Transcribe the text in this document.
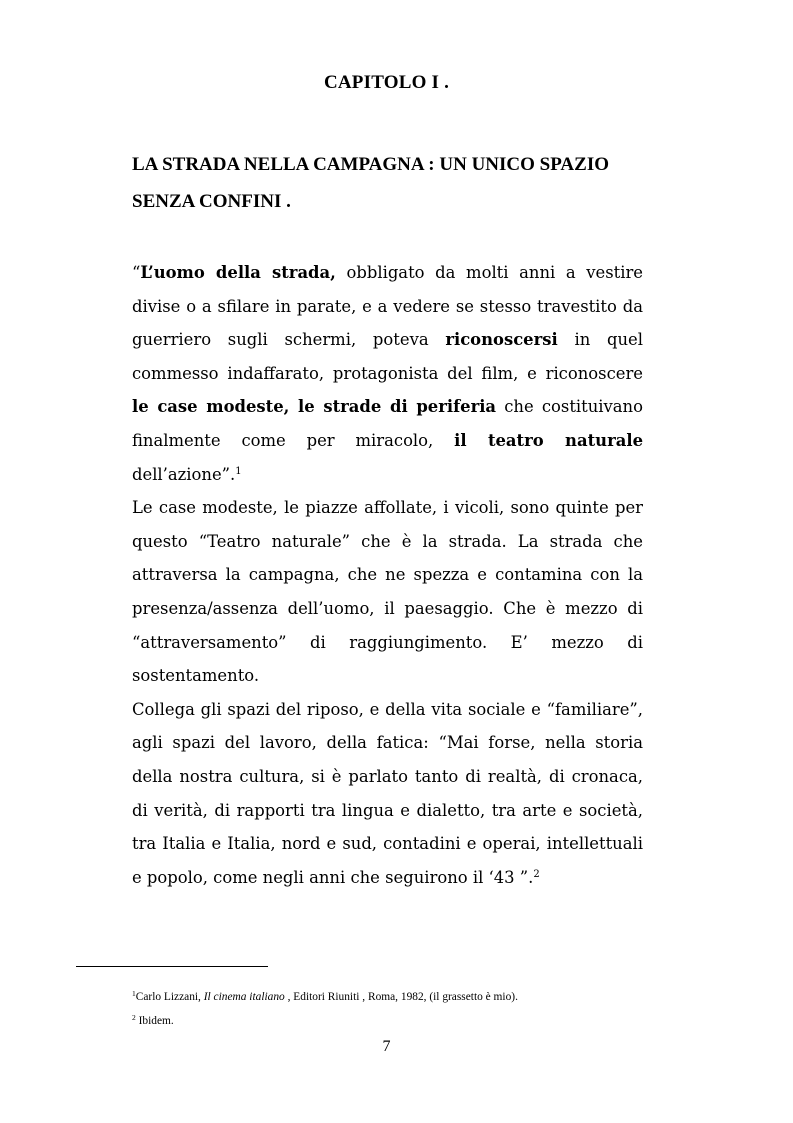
CAPITOLO I .
LA STRADA NELLA CAMPAGNA : UN UNICO SPAZIO SENZA CONFINI .

“L’uomo della strada, obbligato da molti anni a vestire divise o a sfilare in parate, e a vedere se stesso travestito da guerriero sugli schermi, poteva riconoscersi in quel commesso indaffarato, protagonista del film, e riconoscere le case modeste, le strade di periferia che costituivano finalmente come per miracolo, il teatro naturale dell’azione”.$^1$

Le case modeste, le piazze affollate, i vicoli, sono quinte per questo “Teatro naturale” che è la strada. La strada che attraversa la campagna, che ne spezza e contamina con la presenza/assenza dell’uomo, il paesaggio. Che è mezzo di “attraversamento” di raggiungimento. E’ mezzo di sostentamento.

Collega gli spazi del riposo, e della vita sociale e “familiare”, agli spazi del lavoro, della fatica: “Mai forse, nella storia della nostra cultura, si è parlato tanto di realtà, di cronaca, di verità, di rapporti tra lingua e dialetto, tra arte e società, tra Italia e Italia, nord e sud, contadini e operai, intellettuali e popolo, come negli anni che seguirono il ‘43 ”.$^2$

$^1$Carlo Lizzani, Il cinema italiano , Editori Riuniti , Roma, 1982, (il grassetto è mio).

$^2$ Ibidem.

7
